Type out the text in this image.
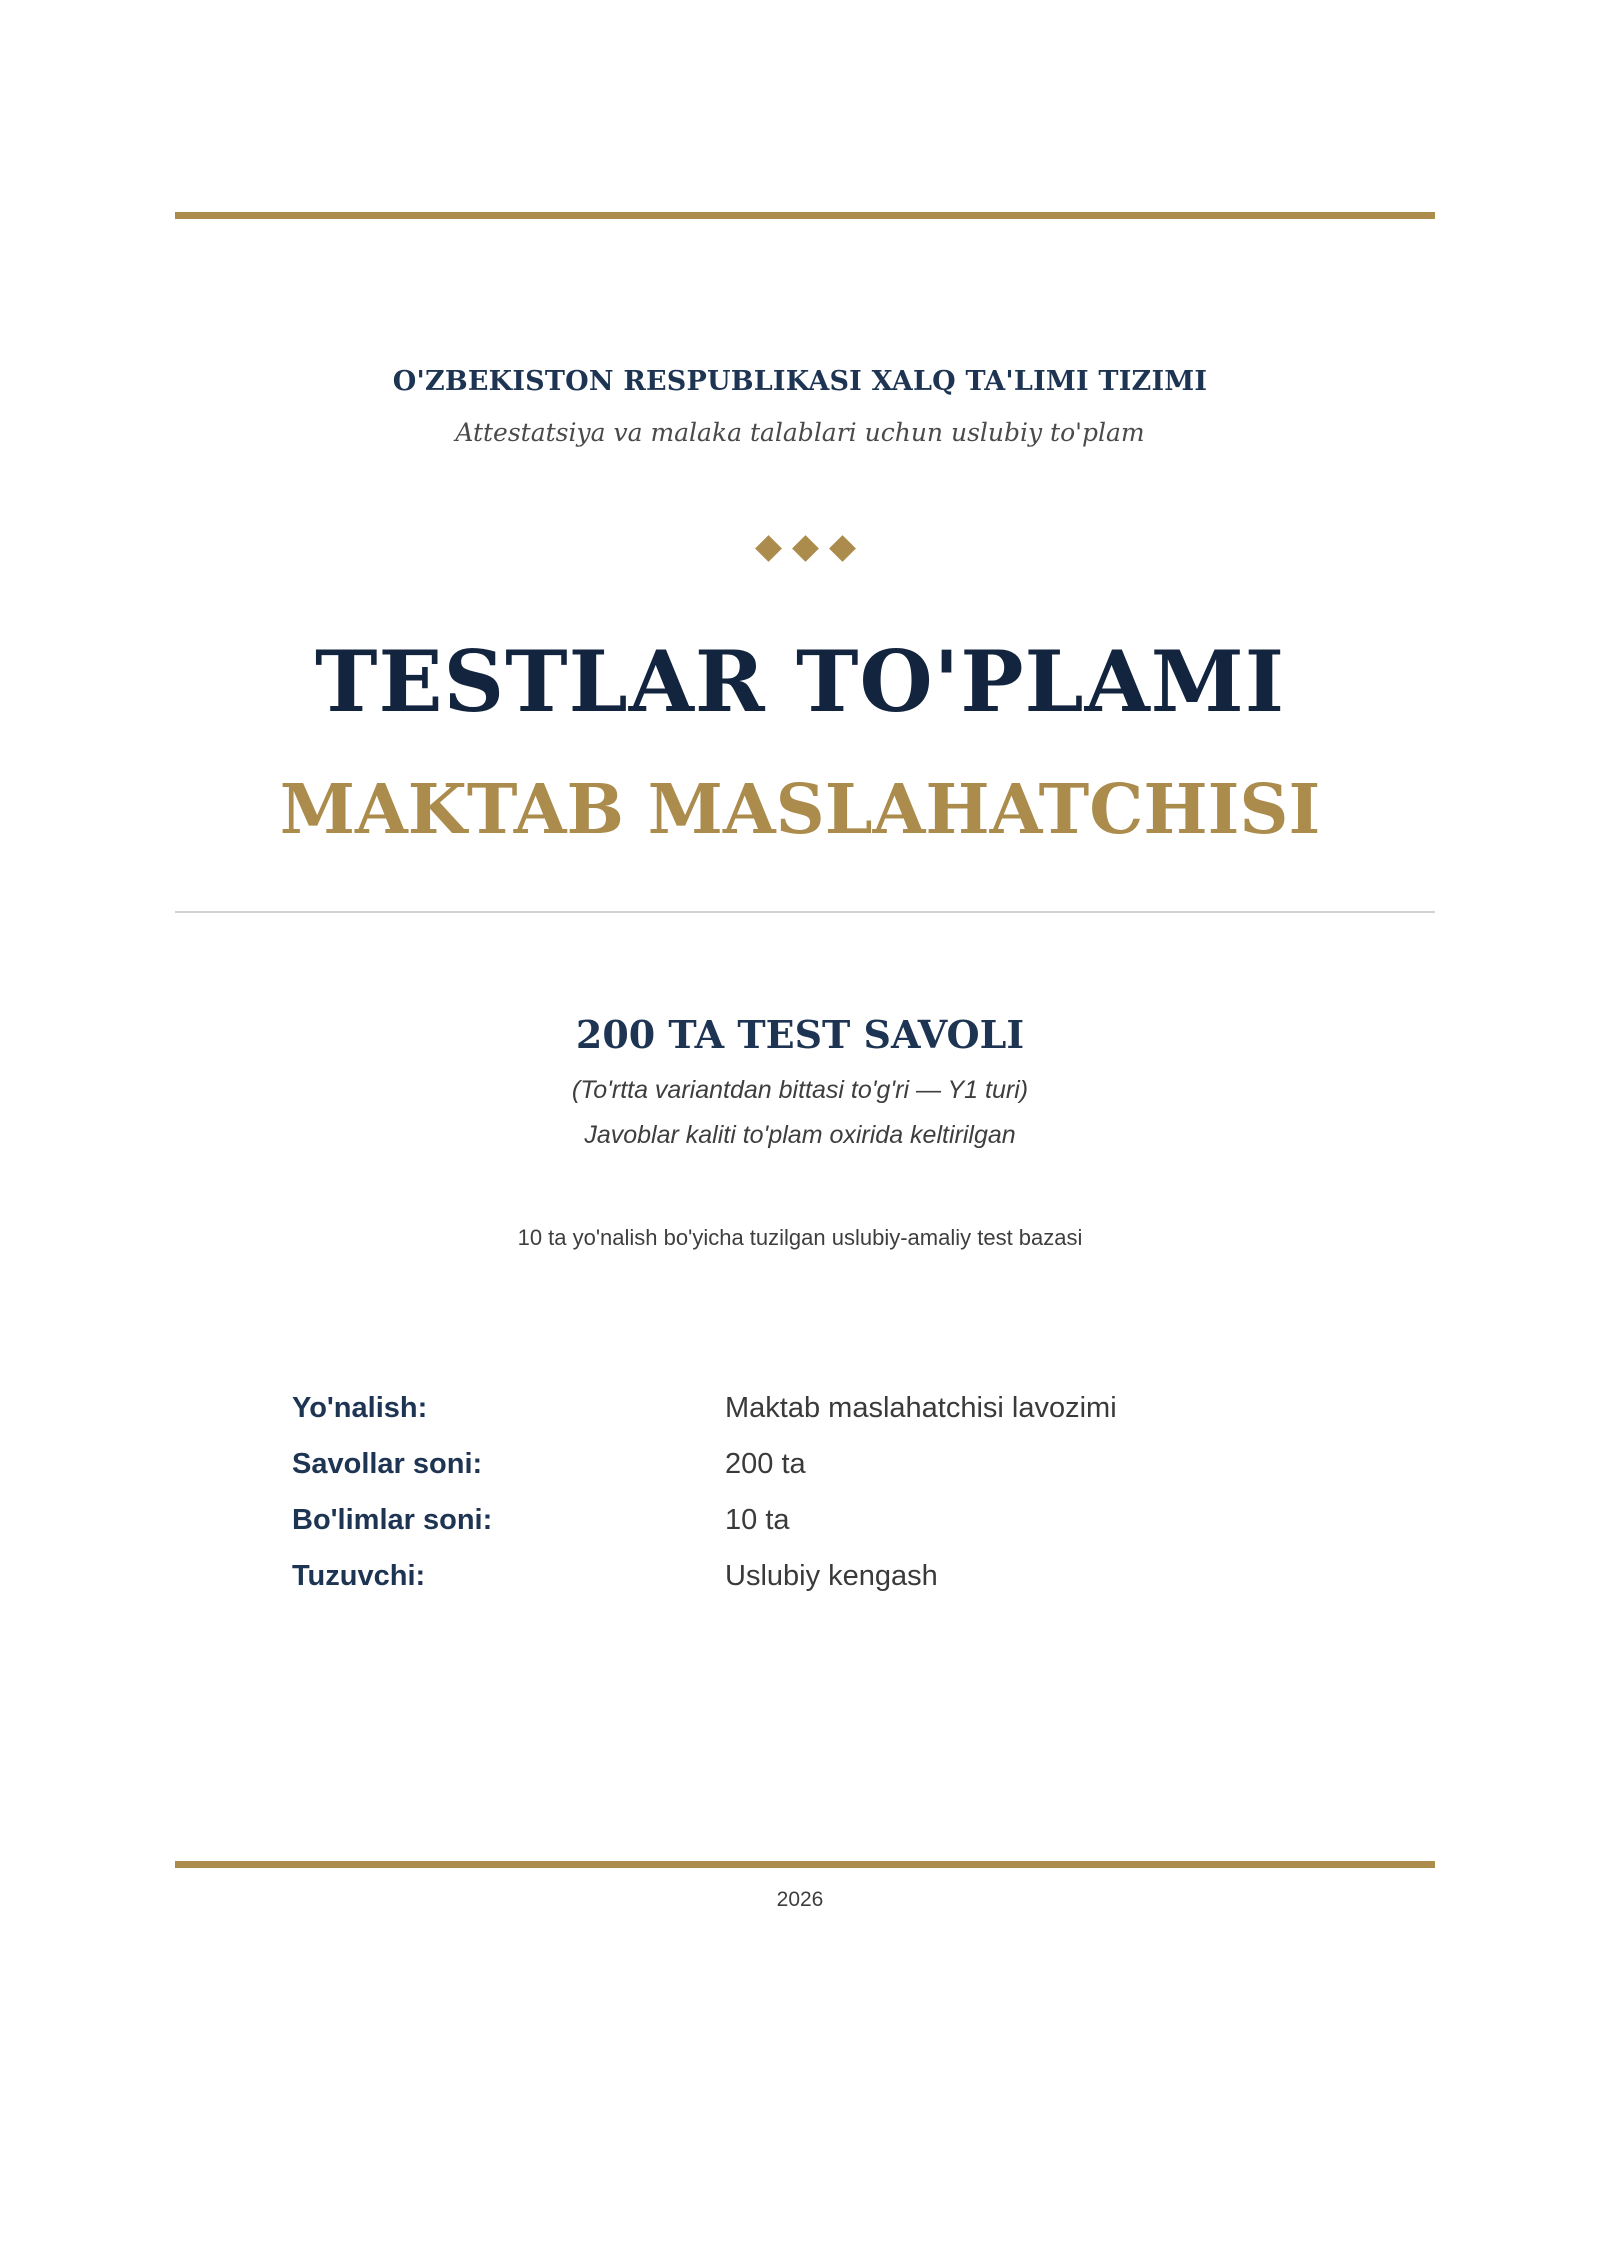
O'ZBEKISTON RESPUBLIKASI XALQ TA'LIMI TIZIMI
Attestatsiya va malaka talablari uchun uslubiy to'plam
TESTLAR TO'PLAMI
MAKTAB MASLAHATCHISI
200 TA TEST SAVOLI
(To'rtta variantdan bittasi to'g'ri — Y1 turi)
Javoblar kaliti to'plam oxirida keltirilgan
10 ta yo'nalish bo'yicha tuzilgan uslubiy-amaliy test bazasi
Yo'nalish:	Maktab maslahatchisi lavozimi
Savollar soni:	200 ta
Bo'limlar soni:	10 ta
Tuzuvchi:	Uslubiy kengash
2026
